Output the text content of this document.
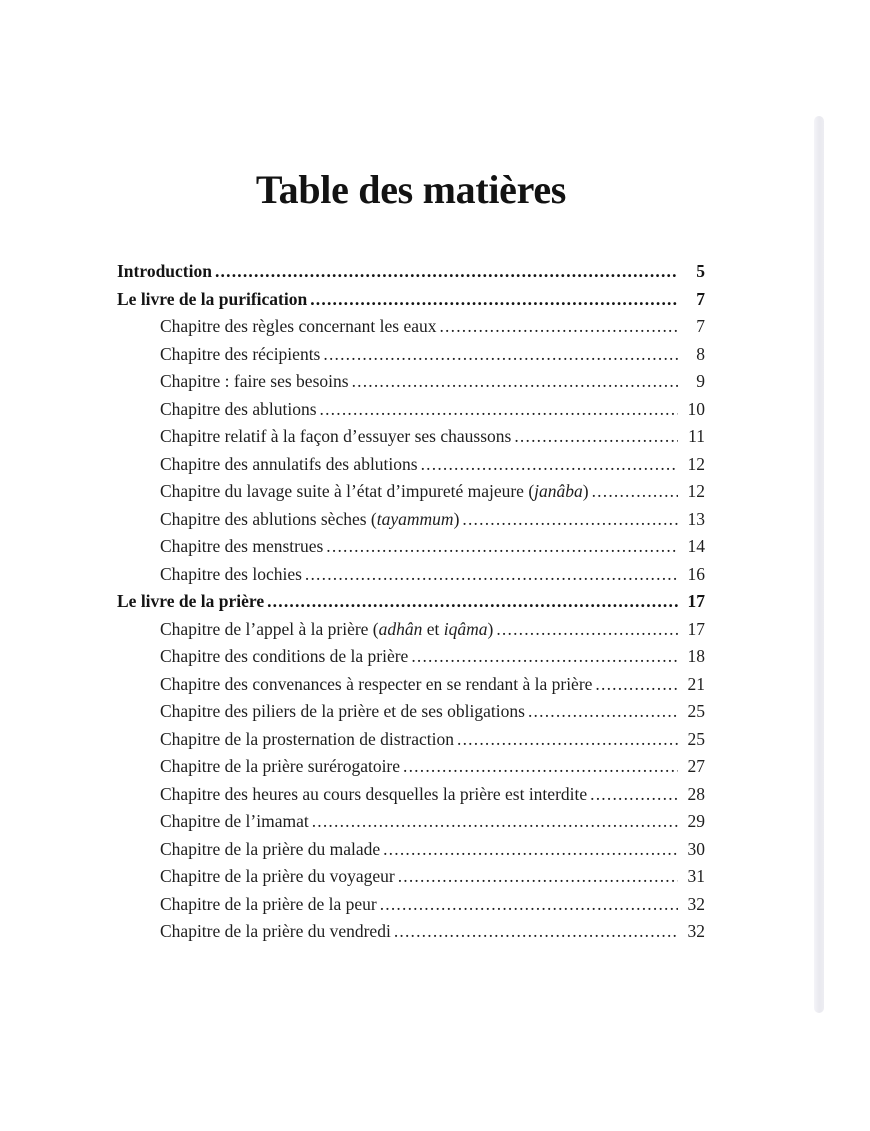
Table des matières
Introduction .....	5
Le livre de la purification .....	7
Chapitre des règles concernant les eaux .....	7
Chapitre des récipients .....	8
Chapitre : faire ses besoins .....	9
Chapitre des ablutions .....	10
Chapitre relatif à la façon d’essuyer ses chaussons .....	11
Chapitre des annulatifs des ablutions .....	12
Chapitre du lavage suite à l’état d’impureté majeure (janâba) .....	12
Chapitre des ablutions sèches (tayammum) .....	13
Chapitre des menstrues .....	14
Chapitre des lochies .....	16
Le livre de la prière .....	17
Chapitre de l’appel à la prière (adhân et iqâma) .....	17
Chapitre des conditions de la prière .....	18
Chapitre des convenances à respecter en se rendant à la prière .....	21
Chapitre des piliers de la prière et de ses obligations .....	25
Chapitre de la prosternation de distraction .....	25
Chapitre de la prière surérogatoire .....	27
Chapitre des heures au cours desquelles la prière est interdite .....	28
Chapitre de l’imamat .....	29
Chapitre de la prière du malade .....	30
Chapitre de la prière du voyageur .....	31
Chapitre de la prière de la peur .....	32
Chapitre de la prière du vendredi .....	32
